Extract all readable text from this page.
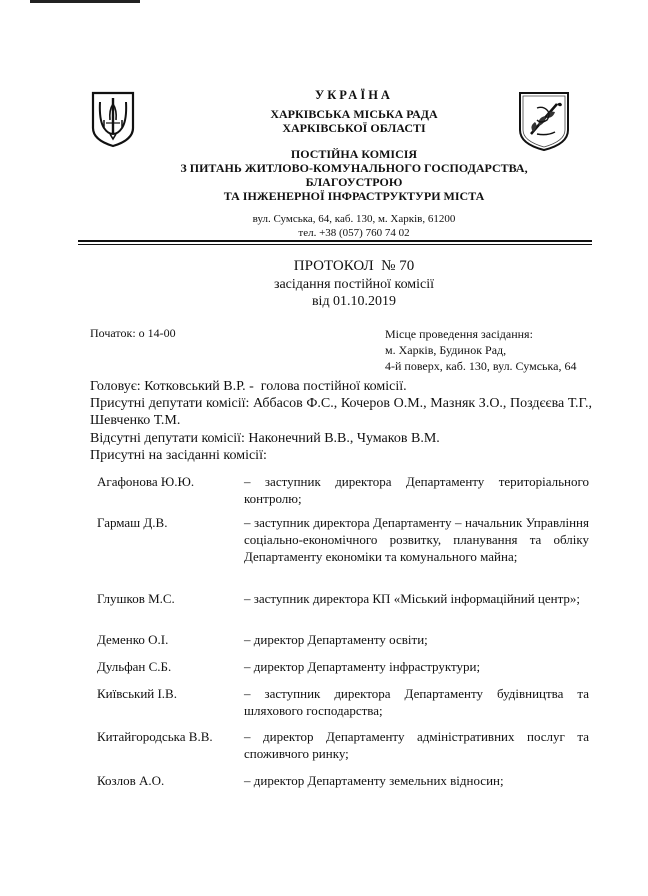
УКРАЇНА
ХАРКІВСЬКА МІСЬКА РАДА
ХАРКІВСЬКОЇ ОБЛАСТІ
ПОСТІЙНА КОМІСІЯ
З ПИТАНЬ ЖИТЛОВО-КОМУНАЛЬНОГО ГОСПОДАРСТВА,
БЛАГОУСТРОЮ
ТА ІНЖЕНЕРНОЇ ІНФРАСТРУКТУРИ МІСТА
вул. Сумська, 64, каб. 130, м. Харків, 61200
тел. +38 (057) 760 74 02
ПРОТОКОЛ  № 70
засідання постійної комісії
від 01.10.2019
Початок: о 14-00	Місце проведення засідання:
м. Харків, Будинок Рад,
4-й поверх, каб. 130, вул. Сумська, 64
Головує: Котковський В.Р. -  голова постійної комісії.
Присутні депутати комісії: Аббасов Ф.С., Кочеров О.М., Мазняк З.О., Поздєєва Т.Г., Шевченко Т.М.
Відсутні депутати комісії: Наконечний В.В., Чумаков В.М.
Присутні на засіданні комісії:
Агафонова Ю.Ю.	– заступник директора Департаменту територіального контролю;
Гармаш Д.В.	– заступник директора Департаменту – начальник Управління соціально-економічного розвитку, планування та обліку Департаменту економіки та комунального майна;
Глушков М.С.	– заступник директора КП «Міський інформаційний центр»;
Деменко О.І.	– директор Департаменту освіти;
Дульфан С.Б.	– директор Департаменту інфраструктури;
Київський І.В.	– заступник директора Департаменту будівництва та шляхового господарства;
Китайгородська В.В.	– директор Департаменту адміністративних послуг та споживчого ринку;
Козлов А.О.	– директор Департаменту земельних відносин;
